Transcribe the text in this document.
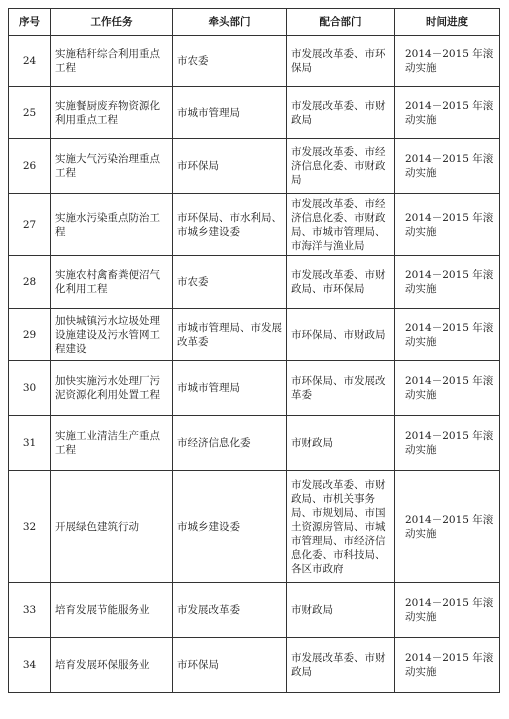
序号	工作任务	牵头部门	配合部门	时间进度
24	实施秸秆综合利用重点工程	市农委	市发展改革委、市环保局	2014－2015 年滚动实施
25	实施餐厨废弃物资源化利用重点工程	市城市管理局	市发展改革委、市财政局	2014－2015 年滚动实施
26	实施大气污染治理重点工程	市环保局	市发展改革委、市经济信息化委、市财政局	2014－2015 年滚动实施
27	实施水污染重点防治工程	市环保局、市水利局、市城乡建设委	市发展改革委、市经济信息化委、市财政局、市城市管理局、市海洋与渔业局	2014－2015 年滚动实施
28	实施农村禽畜粪便沼气化利用工程	市农委	市发展改革委、市财政局、市环保局	2014－2015 年滚动实施
29	加快城镇污水垃圾处理设施建设及污水管网工程建设	市城市管理局、市发展改革委	市环保局、市财政局	2014－2015 年滚动实施
30	加快实施污水处理厂污泥资源化利用处置工程	市城市管理局	市环保局、市发展改革委	2014－2015 年滚动实施
31	实施工业清洁生产重点工程	市经济信息化委	市财政局	2014－2015 年滚动实施
32	开展绿色建筑行动	市城乡建设委	市发展改革委、市财政局、市机关事务局、市规划局、市国土资源房管局、市城市管理局、市经济信息化委、市科技局、各区市政府	2014－2015 年滚动实施
33	培育发展节能服务业	市发展改革委	市财政局	2014－2015 年滚动实施
34	培育发展环保服务业	市环保局	市发展改革委、市财政局	2014－2015 年滚动实施
